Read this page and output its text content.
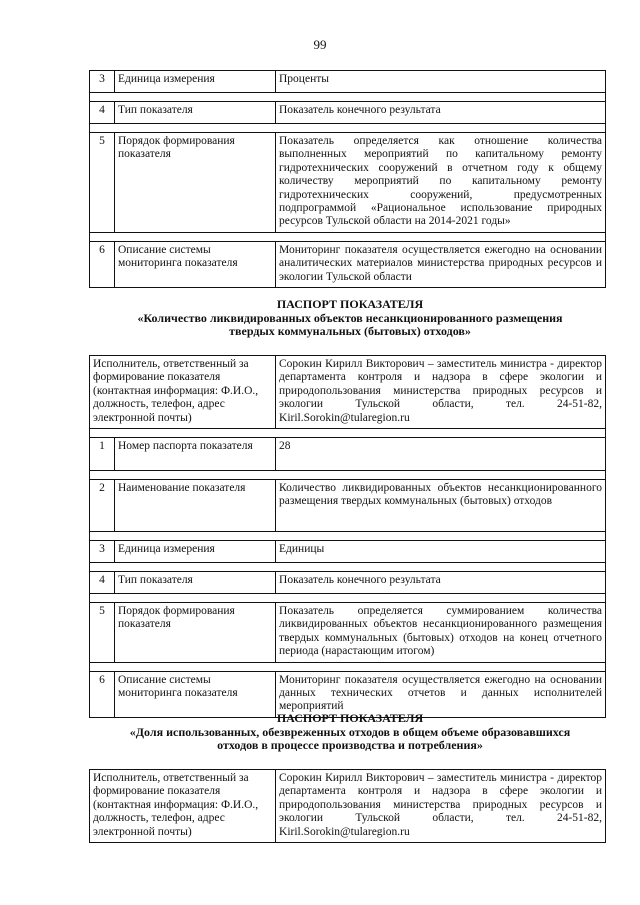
99
3	Единица измерения	Проценты

4	Тип показателя	Показатель конечного результата

5	Порядок формирования показателя	Показатель определяется как отношение количества выполненных мероприятий по капитальному ремонту гидротехнических сооружений в отчетном году к общему количеству мероприятий по капитальному ремонту гидротехнических сооружений, предусмотренных подпрограммой «Рациональное использование природных ресурсов Тульской области на 2014-2021 годы»

6	Описание системы мониторинга показателя	Мониторинг показателя осуществляется ежегодно на основании аналитических материалов министерства природных ресурсов и экологии Тульской области
ПАСПОРТ ПОКАЗАТЕЛЯ
«Количество ликвидированных объектов несанкционированного размещения
твердых коммунальных (бытовых) отходов»
Исполнитель, ответственный за формирование показателя (контактная информация: Ф.И.О., должность, телефон, адрес электронной почты)		Сорокин Кирилл Викторович – заместитель министра - директор департамента контроля и надзора в сфере экологии и природопользования министерства природных ресурсов и экологии Тульской области, тел. 24-51-82, Kiril.Sorokin@tularegion.ru

1	Номер паспорта показателя	28

2	Наименование показателя	Количество ликвидированных объектов несанкционированного размещения твердых коммунальных (бытовых) отходов

3	Единица измерения	Единицы

4	Тип показателя	Показатель конечного результата

5	Порядок формирования показателя	Показатель определяется суммированием количества ликвидированных объектов несанкционированного размещения твердых коммунальных (бытовых) отходов на конец отчетного периода (нарастающим итогом)

6	Описание системы мониторинга показателя	Мониторинг показателя осуществляется ежегодно на основании данных технических отчетов и данных исполнителей мероприятий
ПАСПОРТ ПОКАЗАТЕЛЯ
«Доля использованных, обезвреженных отходов в общем объеме образовавшихся
отходов в процессе производства и потребления»
Исполнитель, ответственный за формирование показателя (контактная информация: Ф.И.О., должность, телефон, адрес электронной почты)	Сорокин Кирилл Викторович – заместитель министра - директор департамента контроля и надзора в сфере экологии и природопользования министерства природных ресурсов и экологии Тульской области, тел. 24-51-82, Kiril.Sorokin@tularegion.ru
